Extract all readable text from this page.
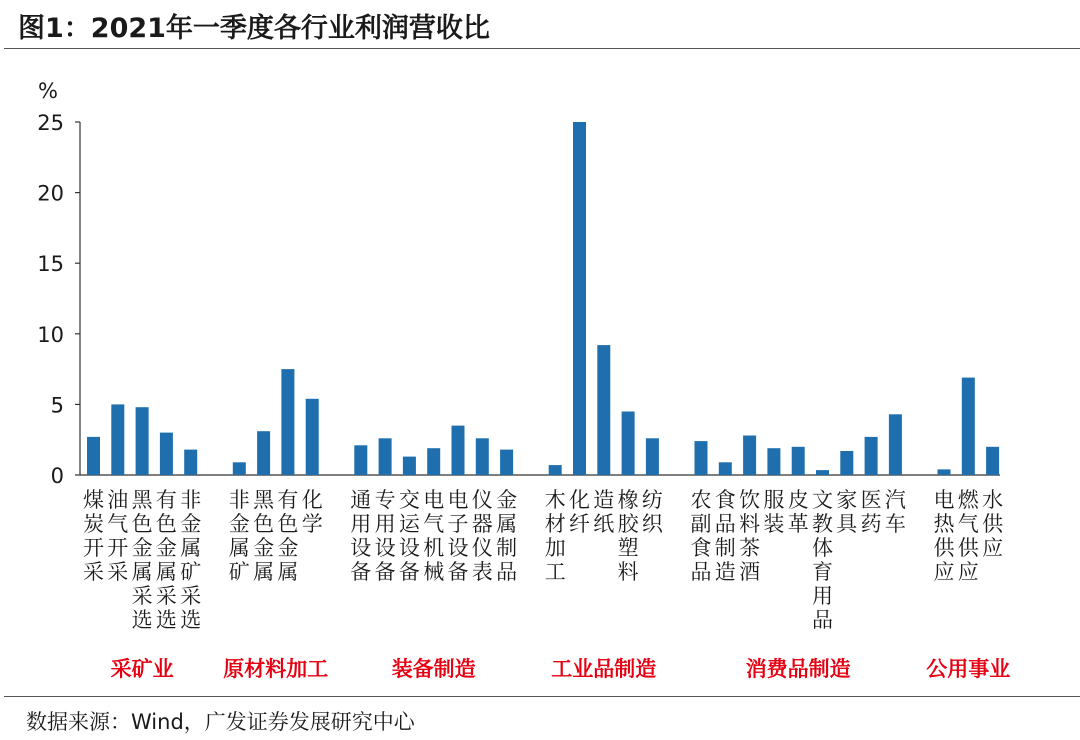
图1：2021年一季度各行业利润营收比
%
0
5
10
15
20
25
煤炭开采
油气开采
黑色金属采选
有色金属采选
非金属矿采选
采矿业
非金属矿
黑色金属
有色金属
化学
原材料加工
通用设备
专用设备
交运设备
电气机械
电子设备
仪器仪表
金属制品
装备制造
木材加工
化纤
造纸
橡胶塑料
纺织
工业品制造
农副食品
食品制造
饮料茶酒
服装
皮革
文教体育用品
家具
医药
汽车
消费品制造
电热供应
燃气供应
水供应
公用事业
数据来源：Wind，广发证券发展研究中心
